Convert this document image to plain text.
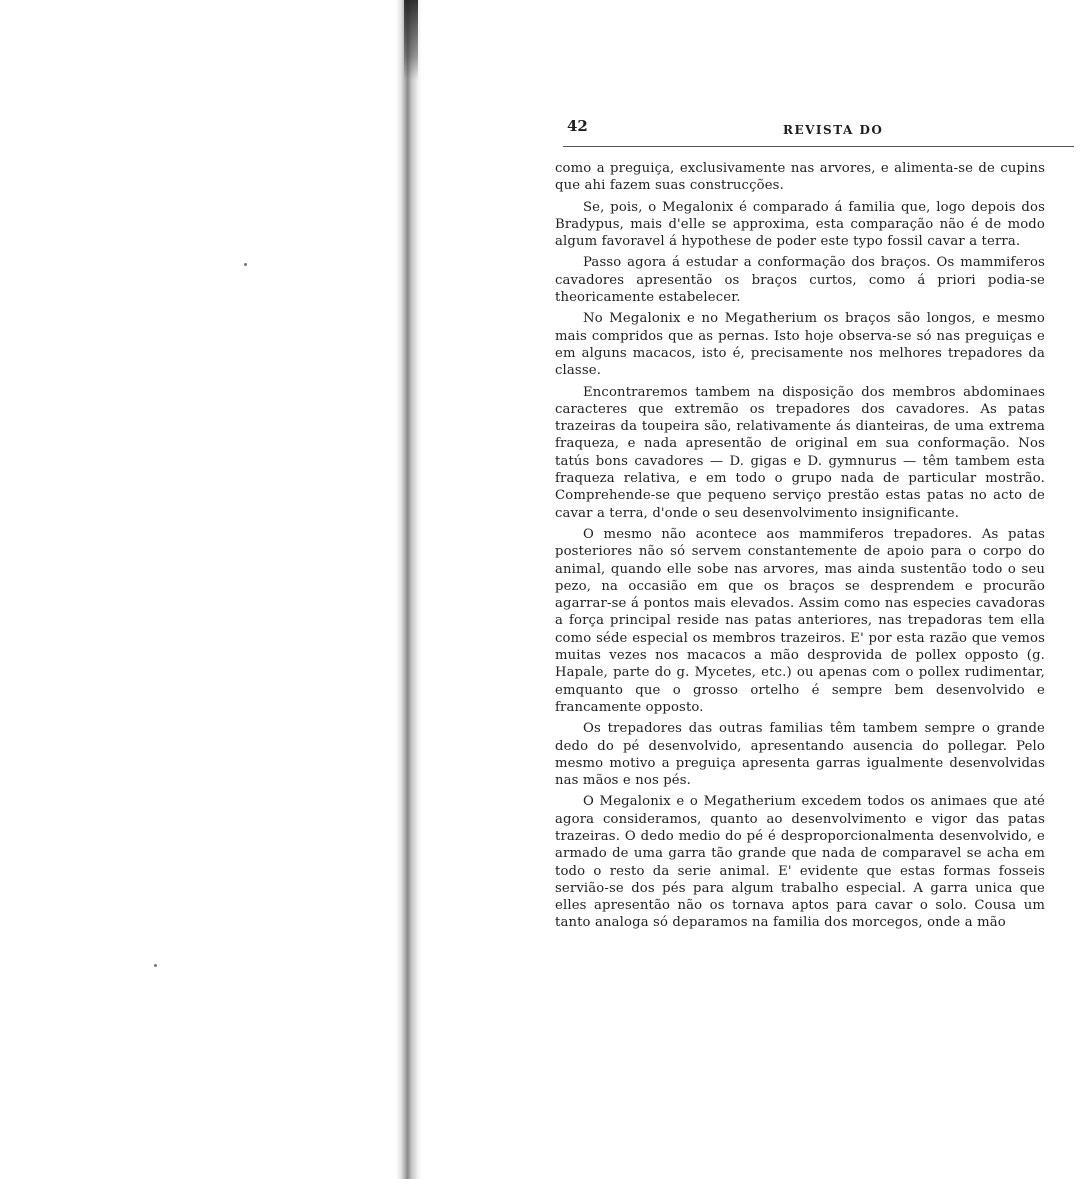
42	REVISTA DO

como a preguiça, exclusivamente nas arvores, e alimenta-se de cupins que ahi fazem suas construcções.

Se, pois, o Megalonix é comparado á familia que, logo depois dos Bradypus, mais d'elle se approxima, esta comparação não é de modo algum favoravel á hypothese de poder este typo fossil cavar a terra.

Passo agora á estudar a conformação dos braços. Os mammiferos cavadores apresentão os braços curtos, como á priori podia-se theoricamente estabelecer.

No Megalonix e no Megatherium os braços são longos, e mesmo mais compridos que as pernas. Isto hoje observa-se só nas preguiças e em alguns macacos, isto é, precisamente nos melhores trepadores da classe.

Encontraremos tambem na disposição dos membros abdominaes caracteres que extremão os trepadores dos cavadores. As patas trazeiras da toupeira são, relativamente ás dianteiras, de uma extrema fraqueza, e nada apresentão de original em sua conformação. Nos tatús bons cavadores — D. gigas e D. gymnurus — têm tambem esta fraqueza relativa, e em todo o grupo nada de particular mostrão. Comprehende-se que pequeno serviço prestão estas patas no acto de cavar a terra, d'onde o seu desenvolvimento insignificante.

O mesmo não acontece aos mammiferos trepadores. As patas posteriores não só servem constantemente de apoio para o corpo do animal, quando elle sobe nas arvores, mas ainda sustentão todo o seu pezo, na occasião em que os braços se desprendem e procurão agarrar-se á pontos mais elevados. Assim como nas especies cavadoras a força principal reside nas patas anteriores, nas trepadoras tem ella como séde especial os membros trazeiros. E' por esta razão que vemos muitas vezes nos macacos a mão desprovida de pollex opposto (g. Hapale, parte do g. Mycetes, etc.) ou apenas com o pollex rudimentar, emquanto que o grosso ortelho é sempre bem desenvolvido e francamente opposto.

Os trepadores das outras familias têm tambem sempre o grande dedo do pé desenvolvido, apresentando ausencia do pollegar. Pelo mesmo motivo a preguiça apresenta garras igualmente desenvolvidas nas mãos e nos pés.

O Megalonix e o Megatherium excedem todos os animaes que até agora consideramos, quanto ao desenvolvimento e vigor das patas trazeiras. O dedo medio do pé é desproporcionalmenta desenvolvido, e armado de uma garra tão grande que nada de comparavel se acha em todo o resto da serie animal. E' evidente que estas formas fosseis servião-se dos pés para algum trabalho especial. A garra unica que elles apresentão não os tornava aptos para cavar o solo. Cousa um tanto analoga só deparamos na familia dos morcegos, onde a mão
